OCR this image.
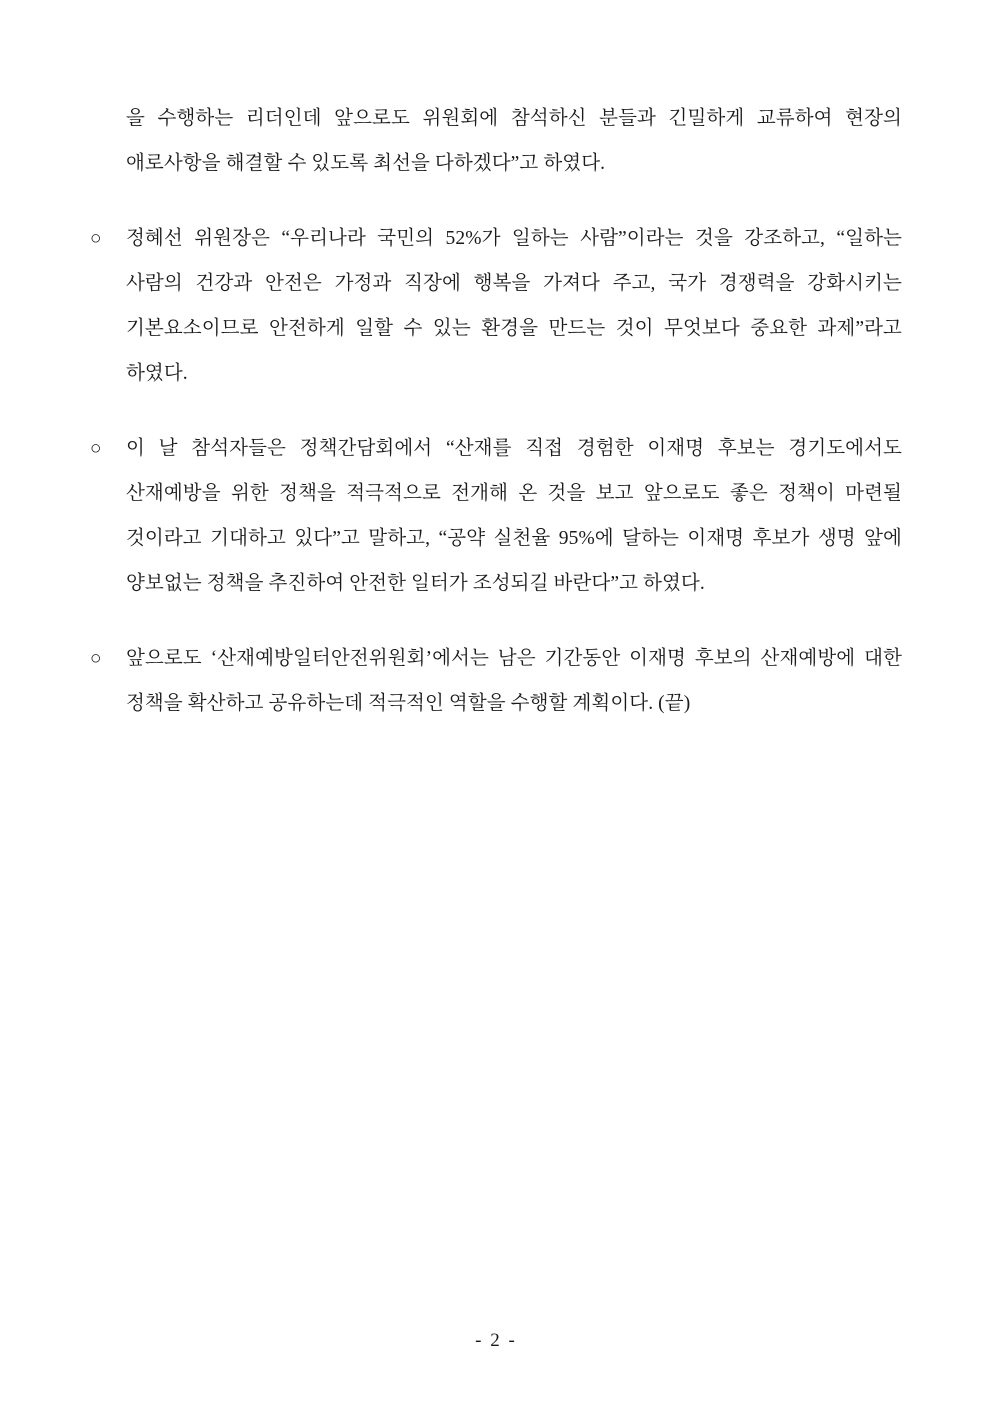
을 수행하는 리더인데 앞으로도 위원회에 참석하신 분들과 긴밀하게 교류하여 현장의 애로사항을 해결할 수 있도록 최선을 다하겠다”고 하였다.

○	정혜선 위원장은 “우리나라 국민의 52%가 일하는 사람”이라는 것을 강조하고, “일하는 사람의 건강과 안전은 가정과 직장에 행복을 가져다 주고, 국가 경쟁력을 강화시키는 기본요소이므로 안전하게 일할 수 있는 환경을 만드는 것이 무엇보다 중요한 과제”라고 하였다.

○	이 날 참석자들은 정책간담회에서 “산재를 직접 경험한 이재명 후보는 경기도에서도 산재예방을 위한 정책을 적극적으로 전개해 온 것을 보고 앞으로도 좋은 정책이 마련될 것이라고 기대하고 있다”고 말하고, “공약 실천율 95%에 달하는 이재명 후보가 생명 앞에 양보없는 정책을 추진하여 안전한 일터가 조성되길 바란다”고 하였다.

○	앞으로도 ‘산재예방일터안전위원회’에서는 남은 기간동안 이재명 후보의 산재예방에 대한 정책을 확산하고 공유하는데 적극적인 역할을 수행할 계획이다. (끝)

- 2 -
